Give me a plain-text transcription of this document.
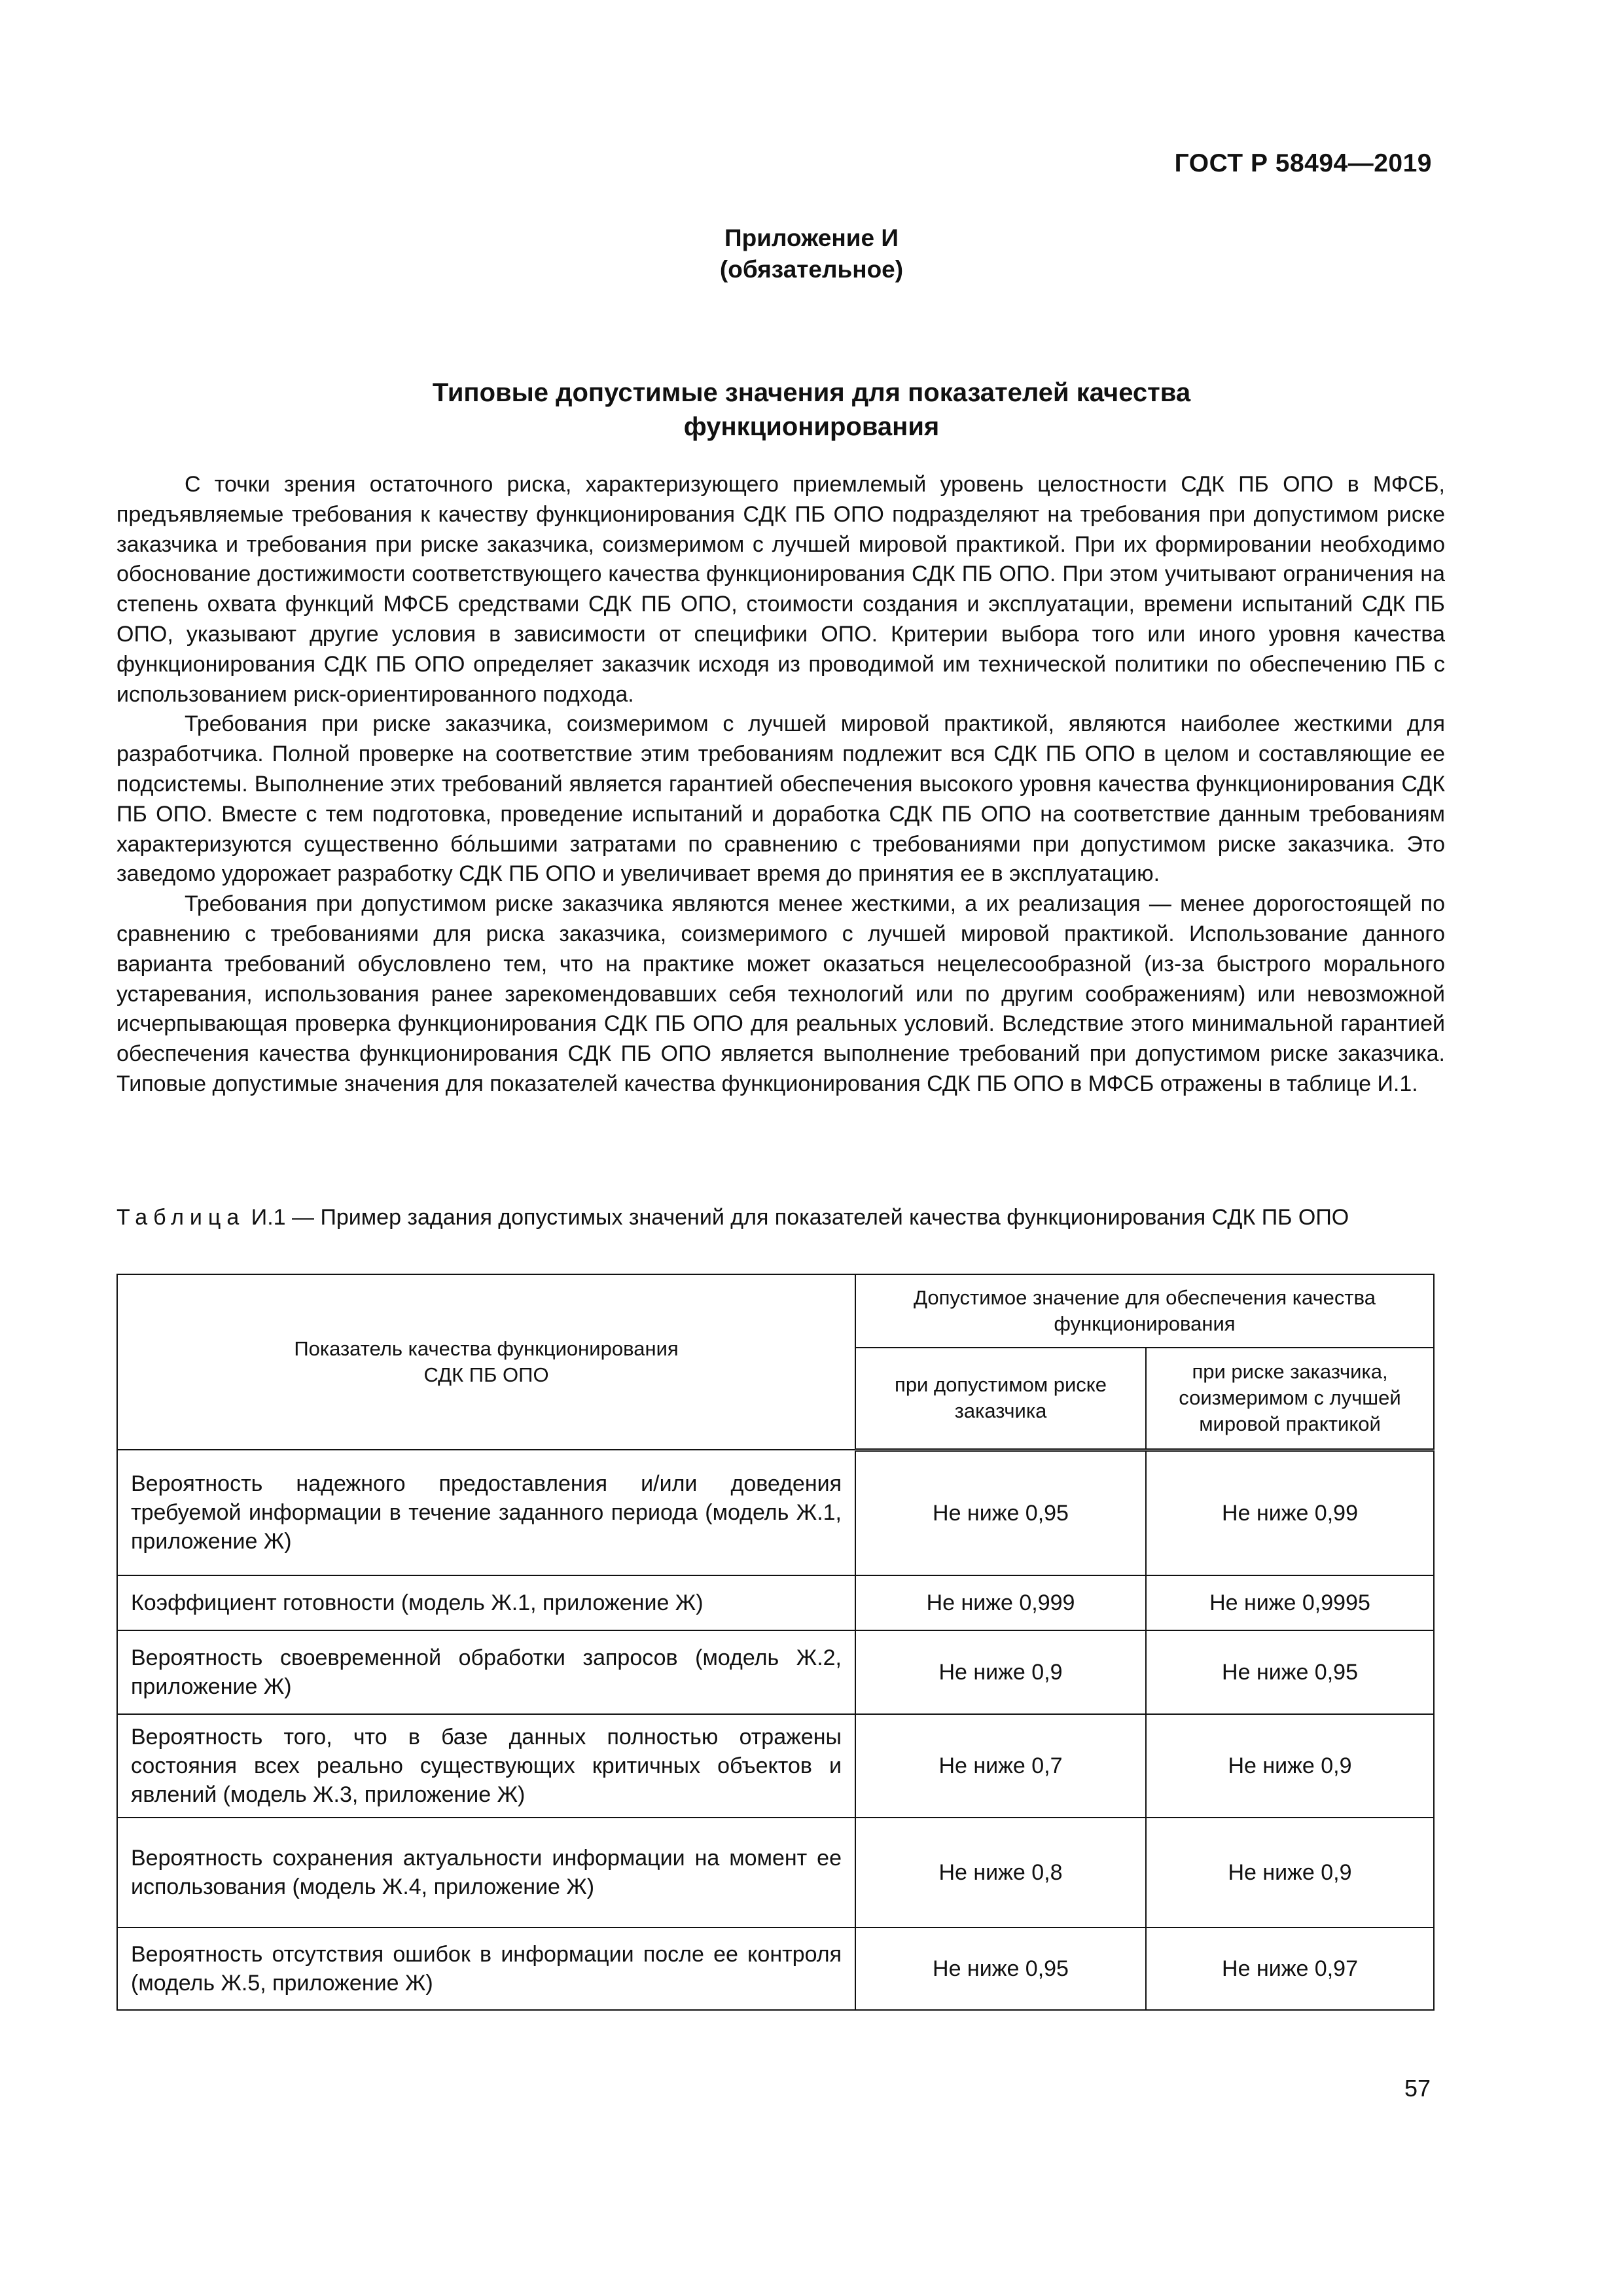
ГОСТ Р 58494—2019
Приложение И
(обязательное)
Типовые допустимые значения для показателей качества
функционирования

С точки зрения остаточного риска, характеризующего приемлемый уровень целостности СДК ПБ ОПО в МФСБ, предъявляемые требования к качеству функционирования СДК ПБ ОПО подразделяют на требования при допустимом риске заказчика и требования при риске заказчика, соизмеримом с лучшей мировой практикой. При их формировании необходимо обоснование достижимости соответствующего качества функционирования СДК ПБ ОПО. При этом учитывают ограничения на степень охвата функций МФСБ средствами СДК ПБ ОПО, стоимости создания и эксплуатации, времени испытаний СДК ПБ ОПО, указывают другие условия в зависимости от специфики ОПО. Критерии выбора того или иного уровня качества функционирования СДК ПБ ОПО определяет заказчик исходя из проводимой им технической политики по обеспечению ПБ с использованием риск-ориентированного подхода.

Требования при риске заказчика, соизмеримом с лучшей мировой практикой, являются наиболее жесткими для разработчика. Полной проверке на соответствие этим требованиям подлежит вся СДК ПБ ОПО в целом и составляющие ее подсистемы. Выполнение этих требований является гарантией обеспечения высокого уровня качества функционирования СДК ПБ ОПО. Вместе с тем подготовка, проведение испытаний и доработка СДК ПБ ОПО на соответствие данным требованиям характеризуются существенно бóльшими затратами по сравнению с требованиями при допустимом риске заказчика. Это заведомо удорожает разработку СДК ПБ ОПО и увеличивает время до принятия ее в эксплуатацию.

Требования при допустимом риске заказчика являются менее жесткими, а их реализация — менее дорогостоящей по сравнению с требованиями для риска заказчика, соизмеримого с лучшей мировой практикой. Использование данного варианта требований обусловлено тем, что на практике может оказаться нецелесообразной (из-за быстрого морального устаревания, использования ранее зарекомендовавших себя технологий или по другим соображениям) или невозможной исчерпывающая проверка функционирования СДК ПБ ОПО для реальных условий. Вследствие этого минимальной гарантией обеспечения качества функционирования СДК ПБ ОПО является выполнение требований при допустимом риске заказчика. Типовые допустимые значения для показателей качества функционирования СДК ПБ ОПО в МФСБ отражены в таблице И.1.

Таблица И.1 — Пример задания допустимых значений для показателей качества функционирования СДК ПБ ОПО
Показатель качества функционирования
СДК ПБ ОПО	Допустимое значение для обеспечения качества функционирования	
	при допустимом риске заказчика	при риске заказчика, соизмеримом с лучшей мировой практикой
Вероятность надежного предоставления и/или доведения требуемой информации в течение заданного периода (модель Ж.1, приложение Ж)	Не ниже 0,95	Не ниже 0,99
Коэффициент готовности (модель Ж.1, приложение Ж)	Не ниже 0,999	Не ниже 0,9995
Вероятность своевременной обработки запросов (модель Ж.2, приложение Ж)	Не ниже 0,9	Не ниже 0,95
Вероятность того, что в базе данных полностью отражены состояния всех реально существующих критичных объектов и явлений (модель Ж.3, приложение Ж)	Не ниже 0,7	Не ниже 0,9
Вероятность сохранения актуальности информации на момент ее использования (модель Ж.4, приложение Ж)	Не ниже 0,8	Не ниже 0,9
Вероятность отсутствия ошибок в информации после ее контроля (модель Ж.5, приложение Ж)	Не ниже 0,95	Не ниже 0,97
57
